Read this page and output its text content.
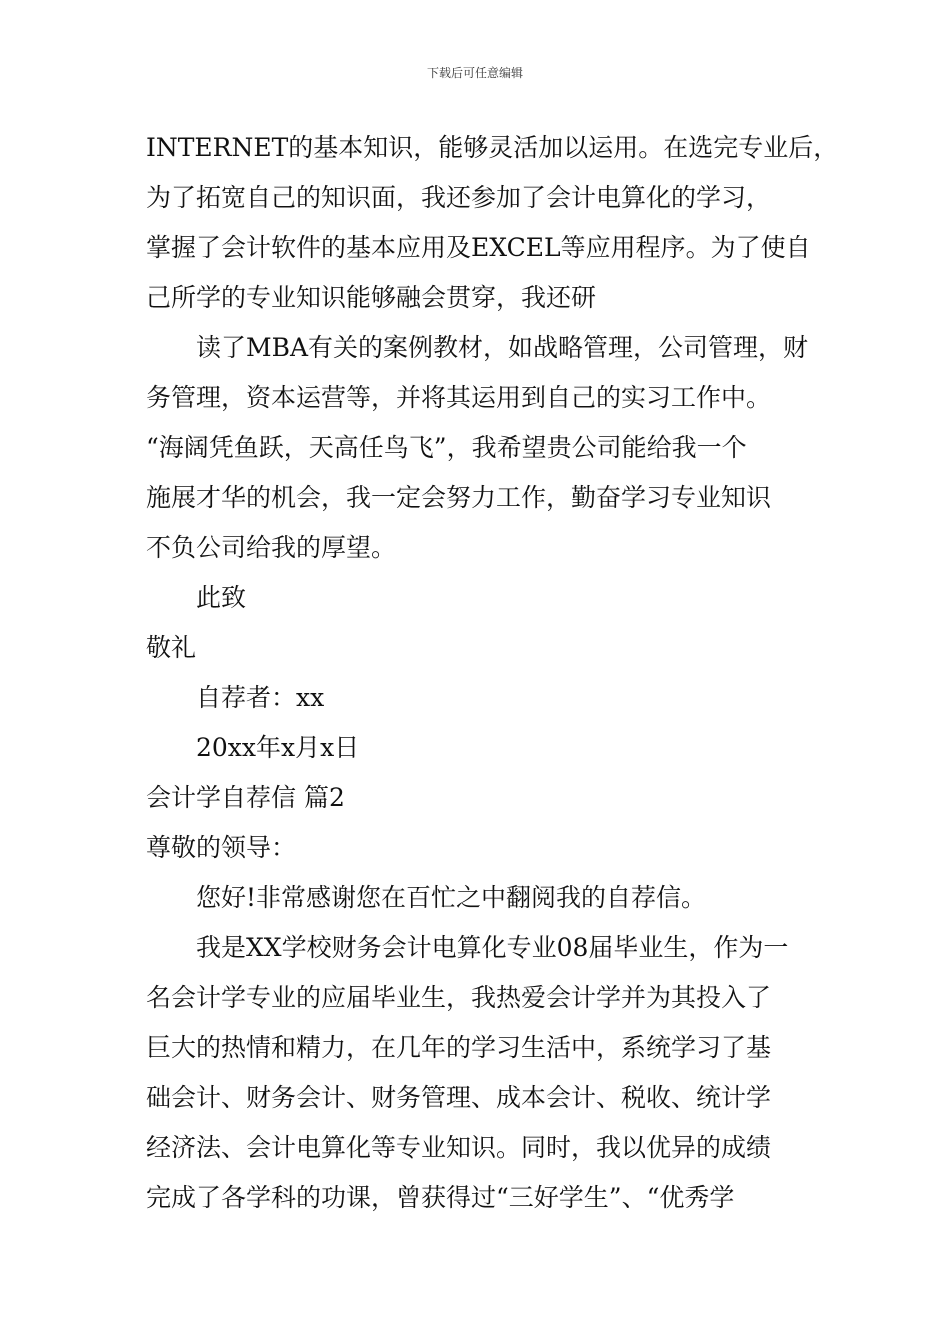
下载后可任意编辑
INTERNET的基本知识，能够灵活加以运用。在选完专业后，
为了拓宽自己的知识面，我还参加了会计电算化的学习，
掌握了会计软件的基本应用及EXCEL等应用程序。为了使自
己所学的专业知识能够融会贯穿，我还研
读了MBA有关的案例教材，如战略管理，公司管理，财
务管理，资本运营等，并将其运用到自己的实习工作中。
“海阔凭鱼跃，天高任鸟飞”，我希望贵公司能给我一个
施展才华的机会，我一定会努力工作，勤奋学习专业知识
不负公司给我的厚望。
此致
敬礼
自荐者：xx
20xx年x月x日
会计学自荐信 篇2
尊敬的领导：
您好!非常感谢您在百忙之中翻阅我的自荐信。
我是XX学校财务会计电算化专业08届毕业生，作为一
名会计学专业的应届毕业生，我热爱会计学并为其投入了
巨大的热情和精力，在几年的学习生活中，系统学习了基
础会计、财务会计、财务管理、成本会计、税收、统计学
经济法、会计电算化等专业知识。同时，我以优异的成绩
完成了各学科的功课，曾获得过“三好学生”、“优秀学
